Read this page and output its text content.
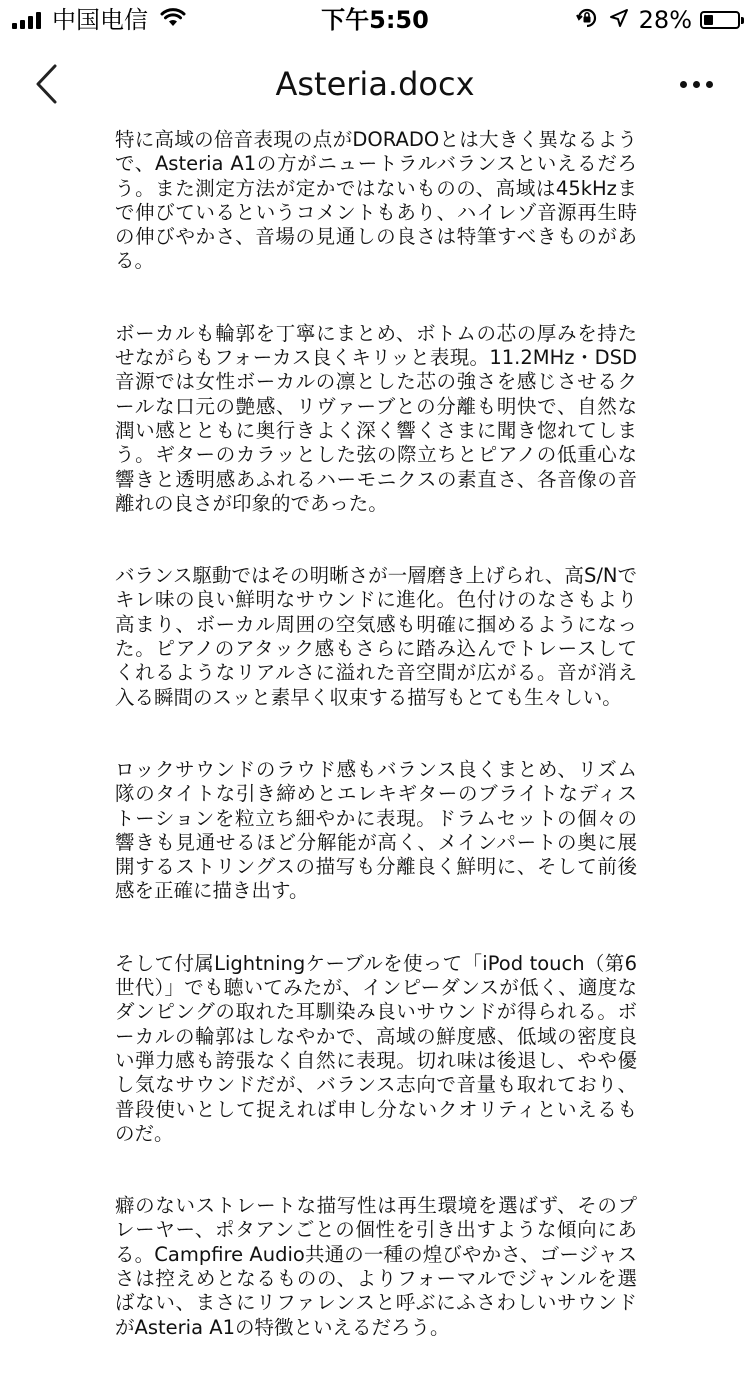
中国电信	下午5:50	28%
Asteria.docx

特に高域の倍音表現の点がDORADOとは大きく異なるようで、Asteria A1の方がニュートラルバランスといえるだろう。また測定方法が定かではないものの、高域は45kHzまで伸びているというコメントもあり、ハイレゾ音源再生時の伸びやかさ、音場の見通しの良さは特筆すべきものがある。

ボーカルも輪郭を丁寧にまとめ、ボトムの芯の厚みを持たせながらもフォーカス良くキリッと表現。11.2MHz・DSD音源では女性ボーカルの凛とした芯の強さを感じさせるクールな口元の艶感、リヴァーブとの分離も明快で、自然な潤い感とともに奥行きよく深く響くさまに聞き惚れてしまう。ギターのカラッとした弦の際立ちとピアノの低重心な響きと透明感あふれるハーモニクスの素直さ、各音像の音離れの良さが印象的であった。

バランス駆動ではその明晰さが一層磨き上げられ、高S/Nでキレ味の良い鮮明なサウンドに進化。色付けのなさもより高まり、ボーカル周囲の空気感も明確に掴めるようになった。ピアノのアタック感もさらに踏み込んでトレースしてくれるようなリアルさに溢れた音空間が広がる。音が消え入る瞬間のスッと素早く収束する描写もとても生々しい。

ロックサウンドのラウド感もバランス良くまとめ、リズム隊のタイトな引き締めとエレキギターのブライトなディストーションを粒立ち細やかに表現。ドラムセットの個々の響きも見通せるほど分解能が高く、メインパートの奥に展開するストリングスの描写も分離良く鮮明に、そして前後感を正確に描き出す。

そして付属Lightningケーブルを使って「iPod touch（第6世代）」でも聴いてみたが、インピーダンスが低く、適度なダンピングの取れた耳馴染み良いサウンドが得られる。ボーカルの輪郭はしなやかで、高域の鮮度感、低域の密度良い弾力感も誇張なく自然に表現。切れ味は後退し、やや優し気なサウンドだが、バランス志向で音量も取れており、普段使いとして捉えれば申し分ないクオリティといえるものだ。

癖のないストレートな描写性は再生環境を選ばず、そのプレーヤー、ポタアンごとの個性を引き出すような傾向にある。Campfire Audio共通の一種の煌びやかさ、ゴージャスさは控えめとなるものの、よりフォーマルでジャンルを選ばない、まさにリファレンスと呼ぶにふさわしいサウンドがAsteria A1の特徴といえるだろう。
